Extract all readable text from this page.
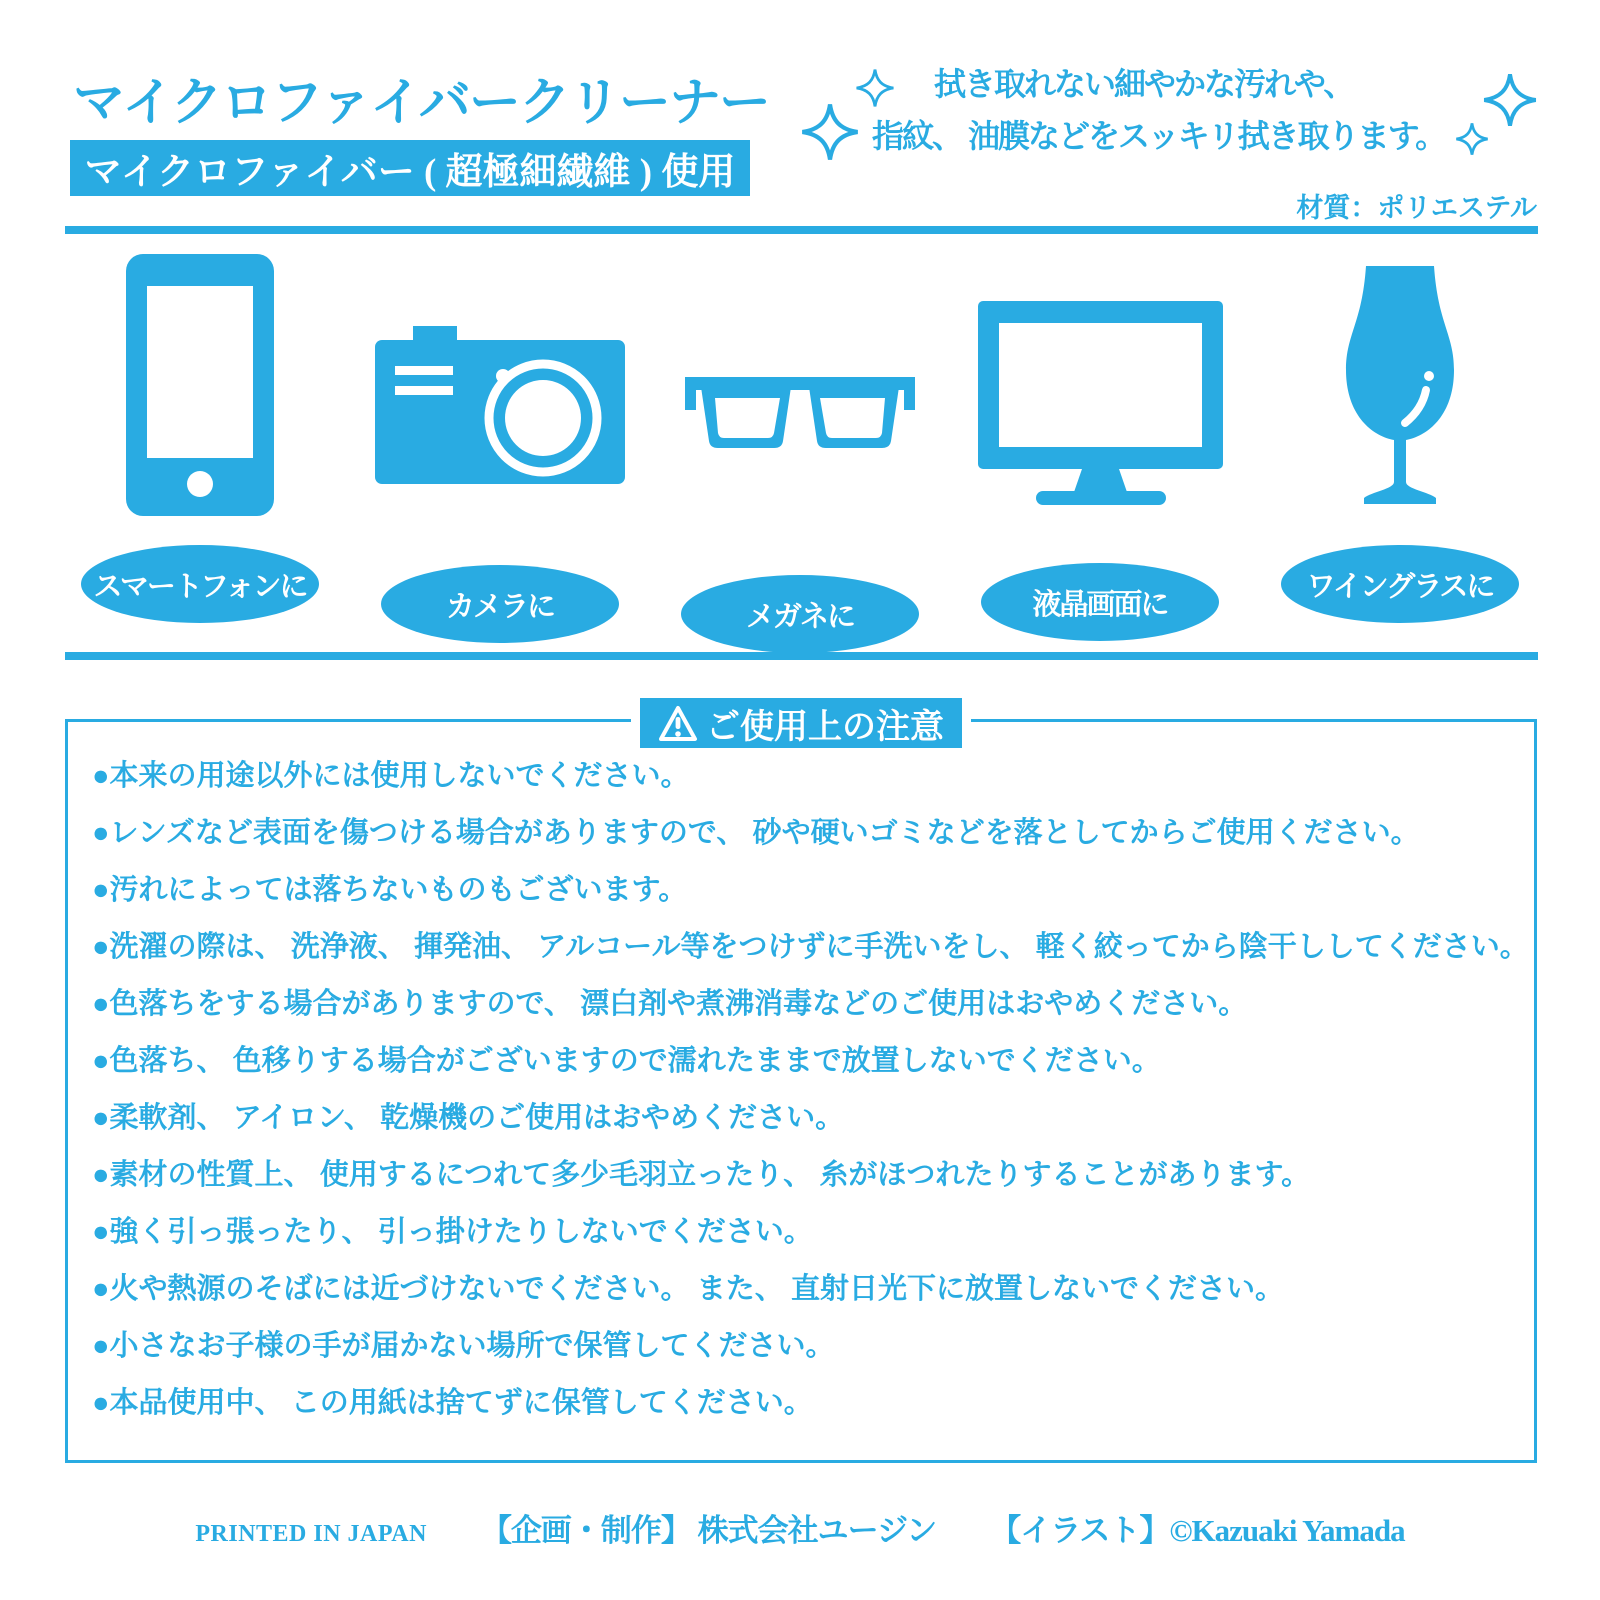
マイクロファイバークリーナー
マイクロファイバー ( 超極細繊維 ) 使用
拭き取れない細やかな汚れや、
指紋、 油膜などをスッキリ拭き取ります。
材質：ポリエステル
スマートフォンに
カメラに	メガネに	液晶画面に
ワイングラスに
ご使用上の注意
●本来の用途以外には使用しないでください。
●レンズなど表面を傷つける場合がありますので、 砂や硬いゴミなどを落としてからご使用ください。
●汚れによっては落ちないものもございます。
●洗濯の際は、 洗浄液、 揮発油、 アルコール等をつけずに手洗いをし、 軽く絞ってから陰干ししてください。
●色落ちをする場合がありますので、 漂白剤や煮沸消毒などのご使用はおやめください。
●色落ち、 色移りする場合がございますので濡れたままで放置しないでください。
●柔軟剤、 アイロン、 乾燥機のご使用はおやめください。
●素材の性質上、 使用するにつれて多少毛羽立ったり、 糸がほつれたりすることがあります。
●強く引っ張ったり、 引っ掛けたりしないでください。
●火や熱源のそばには近づけないでください。 また、 直射日光下に放置しないでください。
●小さなお子様の手が届かない場所で保管してください。
●本品使用中、 この用紙は捨てずに保管してください。
PRINTED IN JAPAN 【企画・制作】 株式会社ユージン 【イラスト】©Kazuaki Yamada
